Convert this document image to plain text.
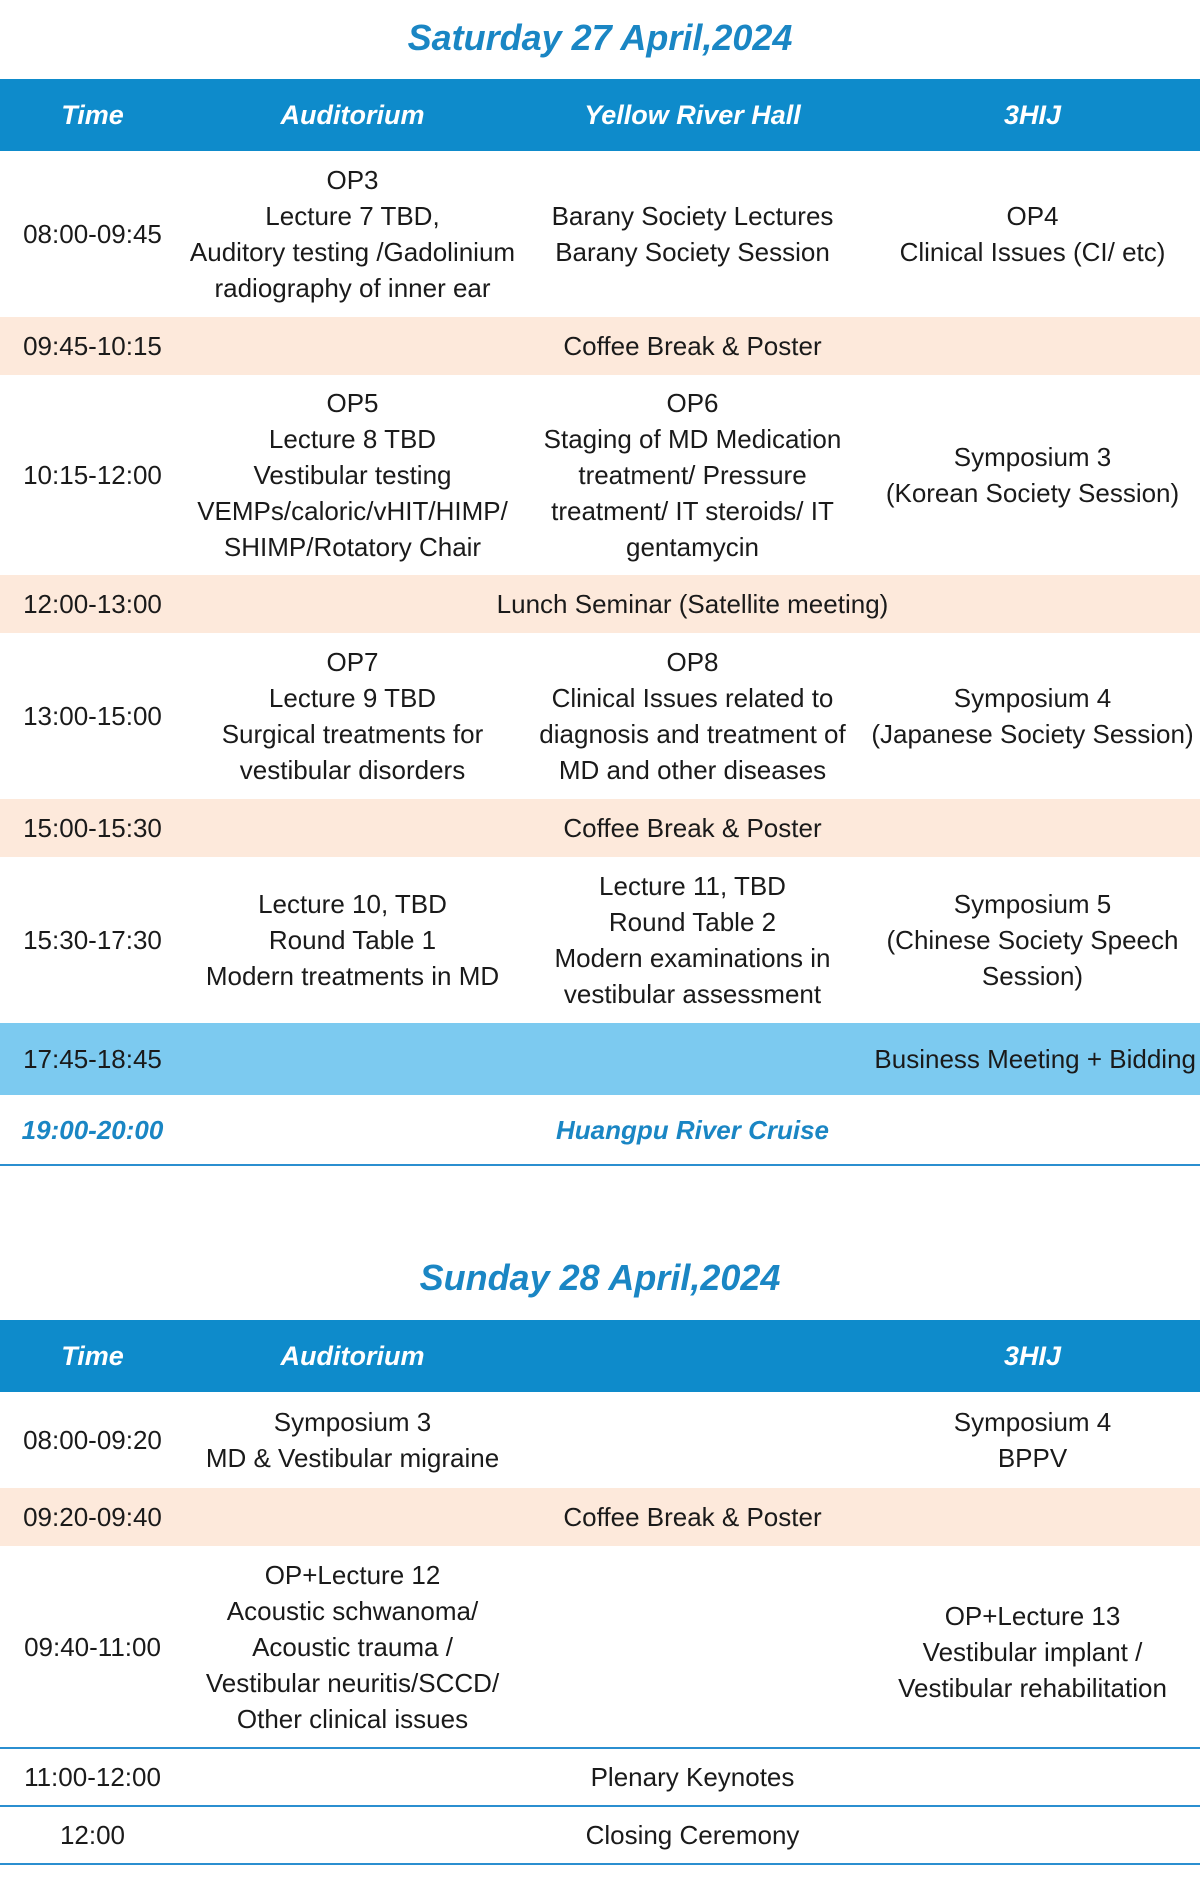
Saturday 27 April,2024
Time	Auditorium	Yellow River Hall	3HIJ
08:00-09:45	OP3
Lecture 7 TBD,
Auditory testing /Gadolinium
radiography of inner ear	Barany Society Lectures
Barany Society Session	OP4
Clinical Issues (CI/ etc)

09:45-10:15	Coffee Break & Poster		
10:15-12:00	OP5
Lecture 8 TBD
Vestibular testing
VEMPs/caloric/vHIT/HIMP/
SHIMP/Rotatory Chair	OP6
Staging of MD Medication
treatment/ Pressure
treatment/ IT steroids/ IT
gentamycin	Symposium 3
(Korean Society Session)

12:00-13:00	Lunch Seminar (Satellite meeting)		
13:00-15:00	OP7
Lecture 9 TBD
Surgical treatments for
vestibular disorders	OP8
Clinical Issues related to
diagnosis and treatment of
MD and other diseases	Symposium 4
(Japanese Society Session)

15:00-15:30	Coffee Break & Poster		
15:30-17:30	Lecture 10, TBD
Round Table 1
Modern treatments in MD	Lecture 11, TBD
Round Table 2
Modern examinations in
vestibular assessment	Symposium 5
(Chinese Society Speech
Session)

17:45-18:45	Business Meeting + Bidding		
19:00-20:00	Huangpu River Cruise		
Sunday 28 April,2024
Time	Auditorium		3HIJ
08:00-09:20	Symposium 3
MD & Vestibular migraine		Symposium 4
BPPV

09:20-09:40	Coffee Break & Poster		
09:40-11:00	OP+Lecture 12
Acoustic schwanoma/
Acoustic trauma /
Vestibular neuritis/SCCD/
Other clinical issues		OP+Lecture 13
Vestibular implant /
Vestibular rehabilitation

11:00-12:00	Plenary Keynotes		
12:00	Closing Ceremony		
